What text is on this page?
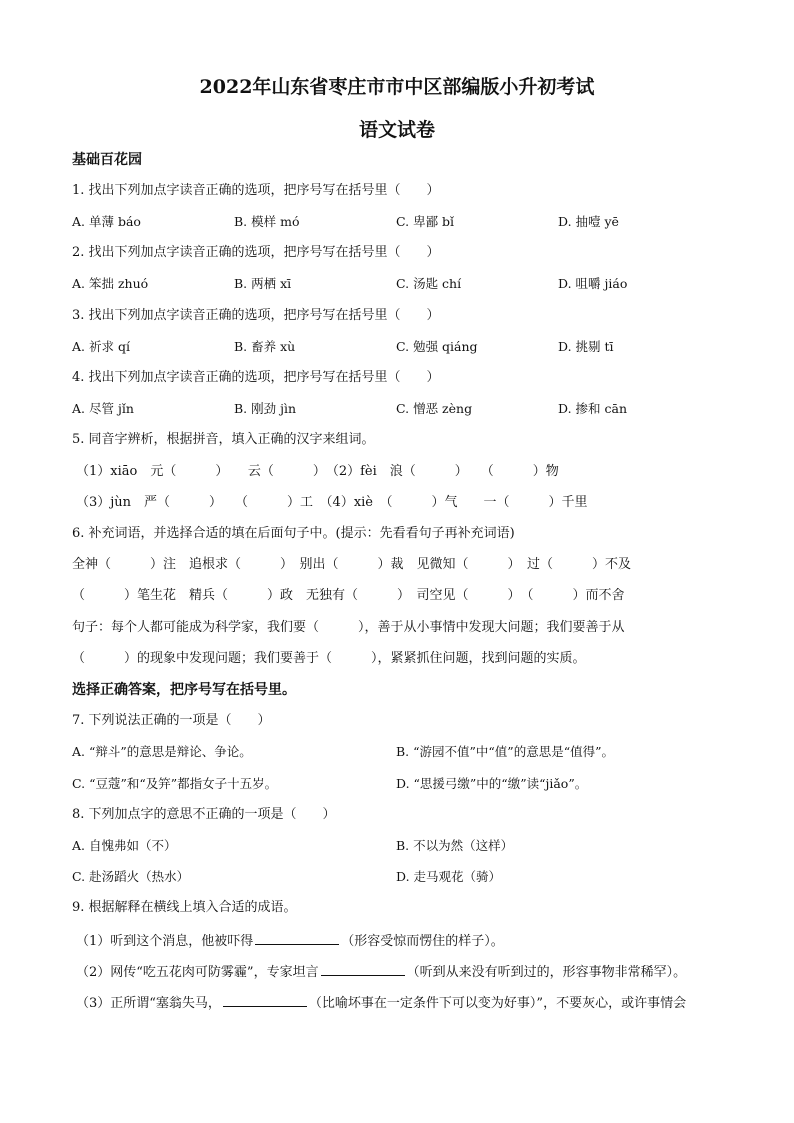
2022年山东省枣庄市市中区部编版小升初考试
语文试卷
基础百花园
1. 找出下列加点字读音正确的选项，把序号写在括号里（　　）
A. 单薄 báo	B. 模样 mó	C. 卑鄙 bǐ	D. 抽噎 yē
2. 找出下列加点字读音正确的选项，把序号写在括号里（　　）
A. 笨拙 zhuó	B. 两栖 xī	C. 汤匙 chí	D. 咀嚼 jiáo
3. 找出下列加点字读音正确的选项，把序号写在括号里（　　）
A. 祈求 qí	B. 畜养 xù	C. 勉强 qiáng	D. 挑剔 tī
4. 找出下列加点字读音正确的选项，把序号写在括号里（　　）
A. 尽管 jǐn	B. 刚劲 jìn	C. 憎恶 zèng	D. 掺和 cān
5. 同音字辨析，根据拼音，填入正确的汉字来组词。
（1）xiāo　元（　　　）　　云（　　　）　（2）fèi　浪（　　　）　　（　　　）物
（3）jùn　严（　　　）　　（　　　）工　（4）xiè　（　　　）气　　一（　　　）千里
6. 补充词语，并选择合适的填在后面句子中。(提示：先看看句子再补充词语)
全神（　　　）注　追根求（　　　）　别出（　　　）裁　见微知（　　　）　过（　　　）不及
（　　　）笔生花　精兵（　　　）政　无独有（　　　）　司空见（　　　）　（　　　）而不舍
句子：每个人都可能成为科学家，我们要（　　　），善于从小事情中发现大问题；我们要善于从
（　　　）的现象中发现问题；我们要善于（　　　），紧紧抓住问题，找到问题的实质。
选择正确答案，把序号写在括号里。
7. 下列说法正确的一项是（　　）
A. “辩斗”的意思是辩论、争论。	B. “游园不值”中“值”的意思是“值得”。
C. “豆蔻”和“及笄”都指女子十五岁。	D. “思援弓缴”中的“缴”读“jiǎo”。
8. 下列加点字的意思不正确的一项是（　　）
A. 自愧弗如（不）	B. 不以为然（这样）
C. 赴汤蹈火（热水）	D. 走马观花（骑）
9. 根据解释在横线上填入合适的成语。
（1）听到这个消息，他被吓得	（形容受惊而愣住的样子）。
（2）网传“吃五花肉可防雾霾”，专家坦言	（听到从来没有听到过的，形容事物非常稀罕）。
（3）正所谓“塞翁失马，	（比喻坏事在一定条件下可以变为好事）”，不要灰心，或许事情会
